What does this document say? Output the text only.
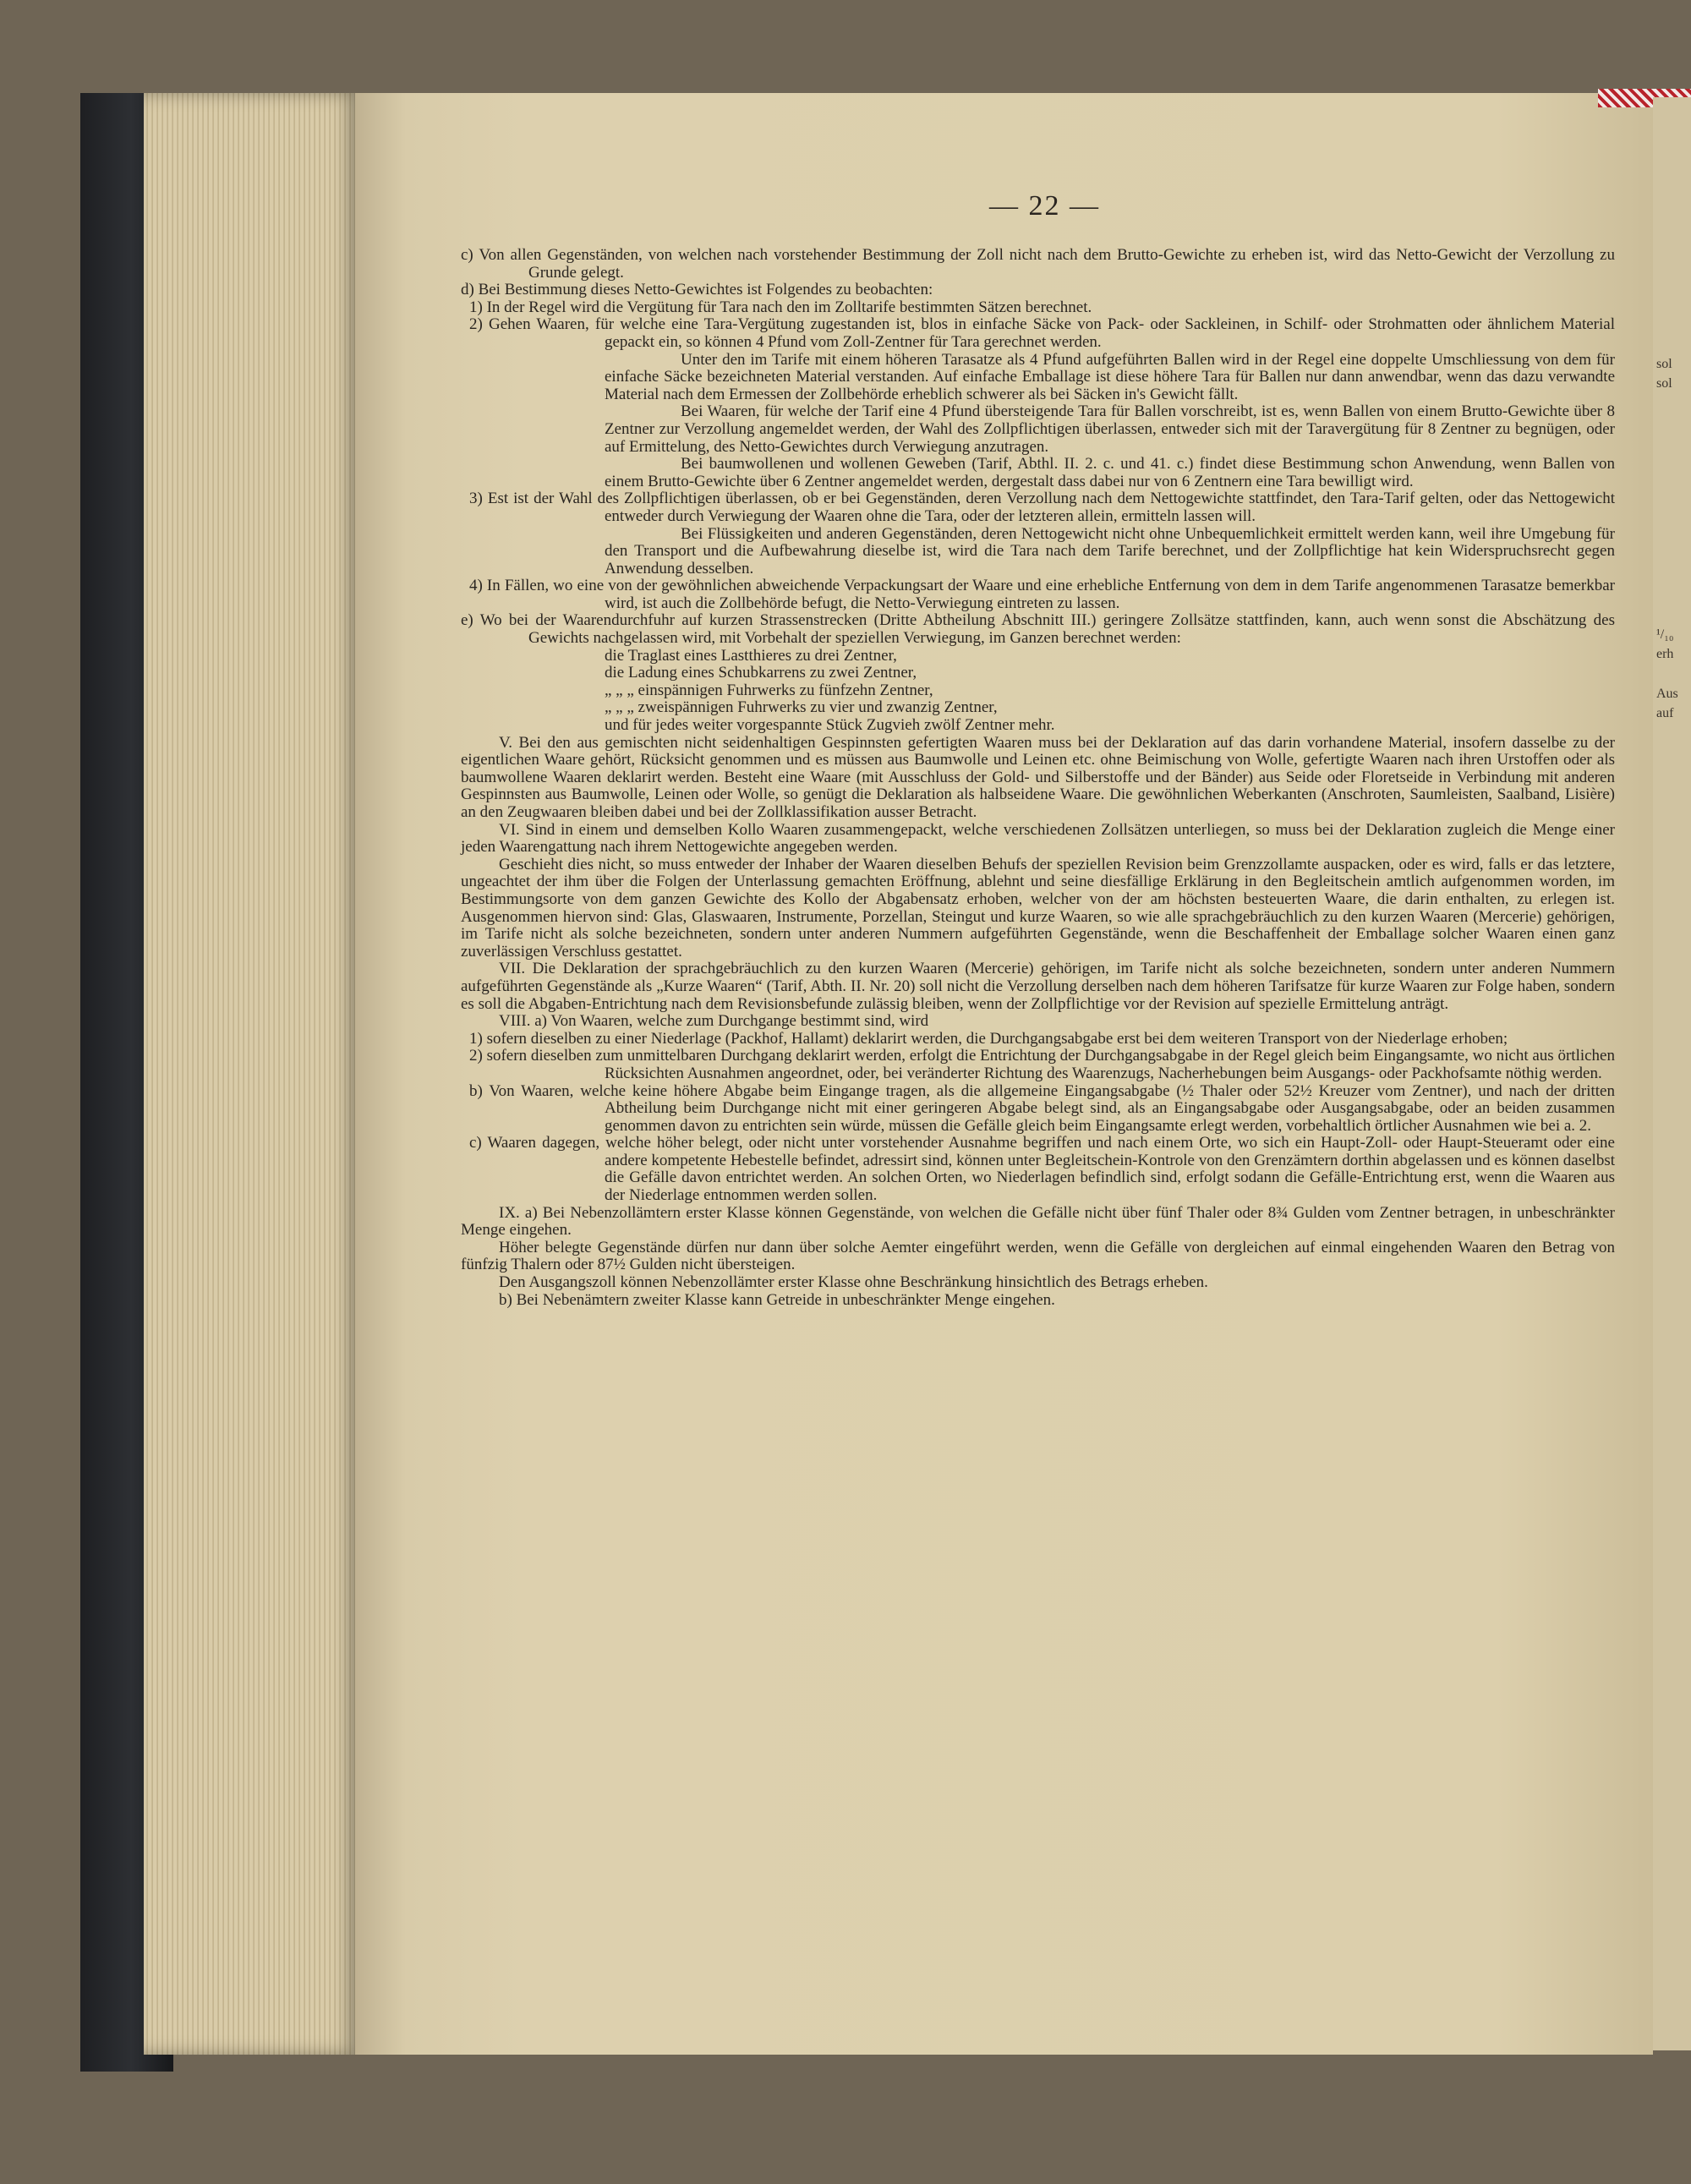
sol
sol
¹/₁₀
erh
Aus
auf
— 22 —

c) Von allen Gegenständen, von welchen nach vorstehender Bestimmung der Zoll nicht nach dem Brutto-Gewichte zu erheben ist, wird das Netto-Gewicht der Verzollung zu Grunde gelegt.

d) Bei Bestimmung dieses Netto-Gewichtes ist Folgendes zu beobachten:

1) In der Regel wird die Vergütung für Tara nach den im Zolltarife bestimmten Sätzen berechnet.

2) Gehen Waaren, für welche eine Tara-Vergütung zugestanden ist, blos in einfache Säcke von Pack- oder Sackleinen, in Schilf- oder Strohmatten oder ähnlichem Material gepackt ein, so können 4 Pfund vom Zoll-Zentner für Tara gerechnet werden.

Unter den im Tarife mit einem höheren Tarasatze als 4 Pfund aufgeführten Ballen wird in der Regel eine doppelte Umschliessung von dem für einfache Säcke bezeichneten Material verstanden. Auf einfache Emballage ist diese höhere Tara für Ballen nur dann anwendbar, wenn das dazu verwandte Material nach dem Ermessen der Zollbehörde erheblich schwerer als bei Säcken in's Gewicht fällt.

Bei Waaren, für welche der Tarif eine 4 Pfund übersteigende Tara für Ballen vorschreibt, ist es, wenn Ballen von einem Brutto-Gewichte über 8 Zentner zur Verzollung angemeldet werden, der Wahl des Zollpflichtigen überlassen, entweder sich mit der Taravergütung für 8 Zentner zu begnügen, oder auf Ermittelung, des Netto-Gewichtes durch Verwiegung anzutragen.

Bei baumwollenen und wollenen Geweben (Tarif, Abthl. II. 2. c. und 41. c.) findet diese Bestimmung schon Anwendung, wenn Ballen von einem Brutto-Gewichte über 6 Zentner angemeldet werden, dergestalt dass dabei nur von 6 Zentnern eine Tara bewilligt wird.

3) Est ist der Wahl des Zollpflichtigen überlassen, ob er bei Gegenständen, deren Verzollung nach dem Nettogewichte stattfindet, den Tara-Tarif gelten, oder das Nettogewicht entweder durch Verwiegung der Waaren ohne die Tara, oder der letzteren allein, ermitteln lassen will.

Bei Flüssigkeiten und anderen Gegenständen, deren Nettogewicht nicht ohne Unbequemlichkeit ermittelt werden kann, weil ihre Umgebung für den Transport und die Aufbewahrung dieselbe ist, wird die Tara nach dem Tarife berechnet, und der Zollpflichtige hat kein Widerspruchsrecht gegen Anwendung desselben.

4) In Fällen, wo eine von der gewöhnlichen abweichende Verpackungsart der Waare und eine erhebliche Entfernung von dem in dem Tarife angenommenen Tarasatze bemerkbar wird, ist auch die Zollbehörde befugt, die Netto-Verwiegung eintreten zu lassen.

e) Wo bei der Waarendurchfuhr auf kurzen Strassenstrecken (Dritte Abtheilung Abschnitt III.) geringere Zollsätze stattfinden, kann, auch wenn sonst die Abschätzung des Gewichts nachgelassen wird, mit Vorbehalt der speziellen Verwiegung, im Ganzen berechnet werden:

die Traglast eines Lastthieres zu drei Zentner,

die Ladung eines Schubkarrens zu zwei Zentner,

„ „ „ einspännigen Fuhrwerks zu fünfzehn Zentner,

„ „ „ zweispännigen Fuhrwerks zu vier und zwanzig Zentner,

und für jedes weiter vorgespannte Stück Zugvieh zwölf Zentner mehr.

V. Bei den aus gemischten nicht seidenhaltigen Gespinnsten gefertigten Waaren muss bei der Deklaration auf das darin vorhandene Material, insofern dasselbe zu der eigentlichen Waare gehört, Rücksicht genommen und es müssen aus Baumwolle und Leinen etc. ohne Beimischung von Wolle, gefertigte Waaren nach ihren Urstoffen oder als baumwollene Waaren deklarirt werden. Besteht eine Waare (mit Ausschluss der Gold- und Silberstoffe und der Bänder) aus Seide oder Floretseide in Verbindung mit anderen Gespinnsten aus Baumwolle, Leinen oder Wolle, so genügt die Deklaration als halbseidene Waare. Die gewöhnlichen Weberkanten (Anschroten, Saumleisten, Saalband, Lisière) an den Zeugwaaren bleiben dabei und bei der Zollklassifikation ausser Betracht.

VI. Sind in einem und demselben Kollo Waaren zusammengepackt, welche verschiedenen Zollsätzen unterliegen, so muss bei der Deklaration zugleich die Menge einer jeden Waarengattung nach ihrem Nettogewichte angegeben werden.

Geschieht dies nicht, so muss entweder der Inhaber der Waaren dieselben Behufs der speziellen Revision beim Grenzzollamte auspacken, oder es wird, falls er das letztere, ungeachtet der ihm über die Folgen der Unterlassung gemachten Eröffnung, ablehnt und seine diesfällige Erklärung in den Begleitschein amtlich aufgenommen worden, im Bestimmungsorte von dem ganzen Gewichte des Kollo der Abgabensatz erhoben, welcher von der am höchsten besteuerten Waare, die darin enthalten, zu erlegen ist. Ausgenommen hiervon sind: Glas, Glaswaaren, Instrumente, Porzellan, Steingut und kurze Waaren, so wie alle sprachgebräuchlich zu den kurzen Waaren (Mercerie) gehörigen, im Tarife nicht als solche bezeichneten, sondern unter anderen Nummern aufgeführten Gegenstände, wenn die Beschaffenheit der Emballage solcher Waaren einen ganz zuverlässigen Verschluss gestattet.

VII. Die Deklaration der sprachgebräuchlich zu den kurzen Waaren (Mercerie) gehörigen, im Tarife nicht als solche bezeichneten, sondern unter anderen Nummern aufgeführten Gegenstände als „Kurze Waaren“ (Tarif, Abth. II. Nr. 20) soll nicht die Verzollung derselben nach dem höheren Tarifsatze für kurze Waaren zur Folge haben, sondern es soll die Abgaben-Entrichtung nach dem Revisionsbefunde zulässig bleiben, wenn der Zollpflichtige vor der Revision auf spezielle Ermittelung anträgt.

VIII. a) Von Waaren, welche zum Durchgange bestimmt sind, wird

1) sofern dieselben zu einer Niederlage (Packhof, Hallamt) deklarirt werden, die Durchgangsabgabe erst bei dem weiteren Transport von der Niederlage erhoben;

2) sofern dieselben zum unmittelbaren Durchgang deklarirt werden, erfolgt die Entrichtung der Durchgangsabgabe in der Regel gleich beim Eingangsamte, wo nicht aus örtlichen Rücksichten Ausnahmen angeordnet, oder, bei veränderter Richtung des Waarenzugs, Nacherhebungen beim Ausgangs- oder Packhofsamte nöthig werden.

b) Von Waaren, welche keine höhere Abgabe beim Eingange tragen, als die allgemeine Eingangsabgabe (½ Thaler oder 52½ Kreuzer vom Zentner), und nach der dritten Abtheilung beim Durchgange nicht mit einer geringeren Abgabe belegt sind, als an Eingangsabgabe oder Ausgangsabgabe, oder an beiden zusammen genommen davon zu entrichten sein würde, müssen die Gefälle gleich beim Eingangsamte erlegt werden, vorbehaltlich örtlicher Ausnahmen wie bei a. 2.

c) Waaren dagegen, welche höher belegt, oder nicht unter vorstehender Ausnahme begriffen und nach einem Orte, wo sich ein Haupt-Zoll- oder Haupt-Steueramt oder eine andere kompetente Hebestelle befindet, adressirt sind, können unter Begleitschein-Kontrole von den Grenzämtern dorthin abgelassen und es können daselbst die Gefälle davon entrichtet werden. An solchen Orten, wo Niederlagen befindlich sind, erfolgt sodann die Gefälle-Entrichtung erst, wenn die Waaren aus der Niederlage entnommen werden sollen.

IX. a) Bei Nebenzollämtern erster Klasse können Gegenstände, von welchen die Gefälle nicht über fünf Thaler oder 8¾ Gulden vom Zentner betragen, in unbeschränkter Menge eingehen.

Höher belegte Gegenstände dürfen nur dann über solche Aemter eingeführt werden, wenn die Gefälle von dergleichen auf einmal eingehenden Waaren den Betrag von fünfzig Thalern oder 87½ Gulden nicht übersteigen.

Den Ausgangszoll können Nebenzollämter erster Klasse ohne Beschränkung hinsichtlich des Betrags erheben.

b) Bei Nebenämtern zweiter Klasse kann Getreide in unbeschränkter Menge eingehen.
